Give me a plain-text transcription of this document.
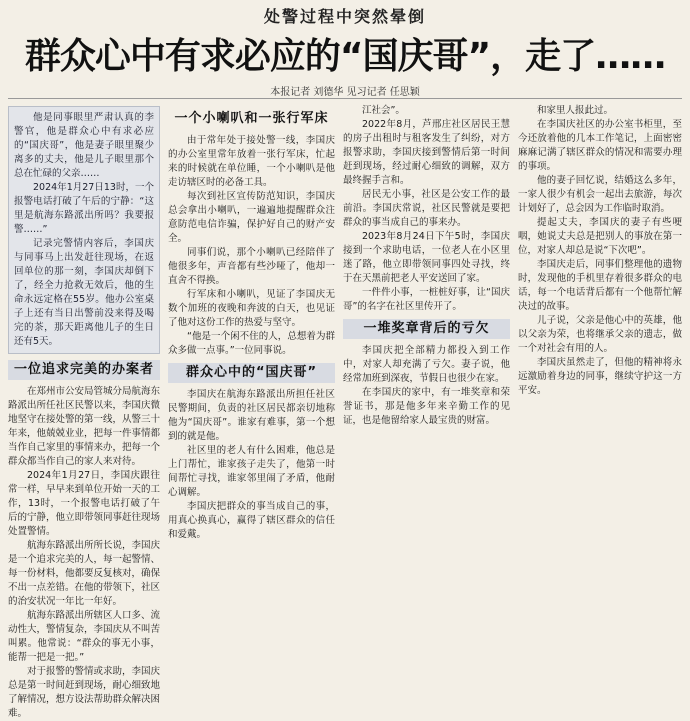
处警过程中突然晕倒
群众心中有求必应的“国庆哥”，走了……
本报记者 刘德华 见习记者 任思颖

他是同事眼里严肃认真的李警官，他是群众心中有求必应的“国庆哥”，他是妻子眼里聚少离多的丈夫，他是儿子眼里那个总在忙碌的父亲……

2024年1月27日13时，一个报警电话打破了午后的宁静：“这里是航海东路派出所吗？我要报警……”

记录完警情内容后，李国庆与同事马上出发赶往现场，在返回单位的那一刻，李国庆却倒下了，经全力抢救无效后，他的生命永远定格在55岁。他办公室桌子上还有当日出警前没来得及喝完的茶，那天距离他儿子的生日还有5天。

一位追求完美的办案者

在郑州市公安局管城分局航海东路派出所任社区民警以来，李国庆微地坚守在接处警的第一线，从警三十年来，他兢兢业业，把每一件事情都当作自己家里的事情来办，把每一个群众都当作自己的家人来对待。

2024年1月27日，李国庆跟往常一样，早早来到单位开始一天的工作，13时，一个报警电话打破了午后的宁静，他立即带领同事赶往现场处置警情。

航海东路派出所所长说，李国庆是一个追求完美的人，每一起警情、每一份材料，他都要反复核对，确保不出一点差错。在他的带领下，社区的治安状况一年比一年好。

航海东路派出所辖区人口多、流动性大，警情复杂，李国庆从不叫苦叫累。他常说：“群众的事无小事，能帮一把是一把。”

对于报警的警情或求助，李国庆总是第一时间赶到现场，耐心细致地了解情况，想方设法帮助群众解决困难。

一个小喇叭和一张行军床

由于常年处于接处警一线，李国庆的办公室里常年放着一张行军床，忙起来的时候就在单位睡，一个小喇叭是他走访辖区时的必备工具。

每次到社区宣传防范知识，李国庆总会拿出小喇叭，一遍遍地提醒群众注意防范电信诈骗，保护好自己的财产安全。

同事们说，那个小喇叭已经陪伴了他很多年，声音都有些沙哑了，他却一直舍不得换。

行军床和小喇叭，见证了李国庆无数个加班的夜晚和奔波的白天，也见证了他对这份工作的热爱与坚守。

“他是一个闲不住的人，总想着为群众多做一点事。”一位同事说。

群众心中的“国庆哥”

李国庆在航海东路派出所担任社区民警期间，负责的社区居民都亲切地称他为“国庆哥”。谁家有难事，第一个想到的就是他。

社区里的老人有什么困难，他总是上门帮忙，谁家孩子走失了，他第一时间帮忙寻找，谁家邻里闹了矛盾，他耐心调解。

李国庆把群众的事当成自己的事，用真心换真心，赢得了辖区群众的信任和爱戴。

江社会”。

2022年8月，芦邢庄社区居民王慧的房子出租时与租客发生了纠纷，对方报警求助，李国庆接到警情后第一时间赶到现场，经过耐心细致的调解，双方最终握手言和。

居民无小事，社区是公安工作的最前沿。李国庆常说，社区民警就是要把群众的事当成自己的事来办。

2023年8月24日下午5时，李国庆接到一个求助电话，一位老人在小区里迷了路，他立即带领同事四处寻找，终于在天黑前把老人平安送回了家。

一件件小事，一桩桩好事，让“国庆哥”的名字在社区里传开了。

一堆奖章背后的亏欠

李国庆把全部精力都投入到工作中，对家人却充满了亏欠。妻子说，他经常加班到深夜，节假日也很少在家。

在李国庆的家中，有一堆奖章和荣誉证书，那是他多年来辛勤工作的见证，也是他留给家人最宝贵的财富。

和家里人报此过。

在李国庆社区的办公室书柜里，至今还放着他的几本工作笔记，上面密密麻麻记满了辖区群众的情况和需要办理的事项。

他的妻子回忆说，结婚这么多年，一家人很少有机会一起出去旅游，每次计划好了，总会因为工作临时取消。

提起丈夫，李国庆的妻子有些哽咽，她说丈夫总是把别人的事放在第一位，对家人却总是说“下次吧”。

李国庆走后，同事们整理他的遗物时，发现他的手机里存着很多群众的电话，每一个电话背后都有一个他帮忙解决过的故事。

儿子说，父亲是他心中的英雄，他以父亲为荣，也将继承父亲的遗志，做一个对社会有用的人。

李国庆虽然走了，但他的精神将永远激励着身边的同事，继续守护这一方平安。
